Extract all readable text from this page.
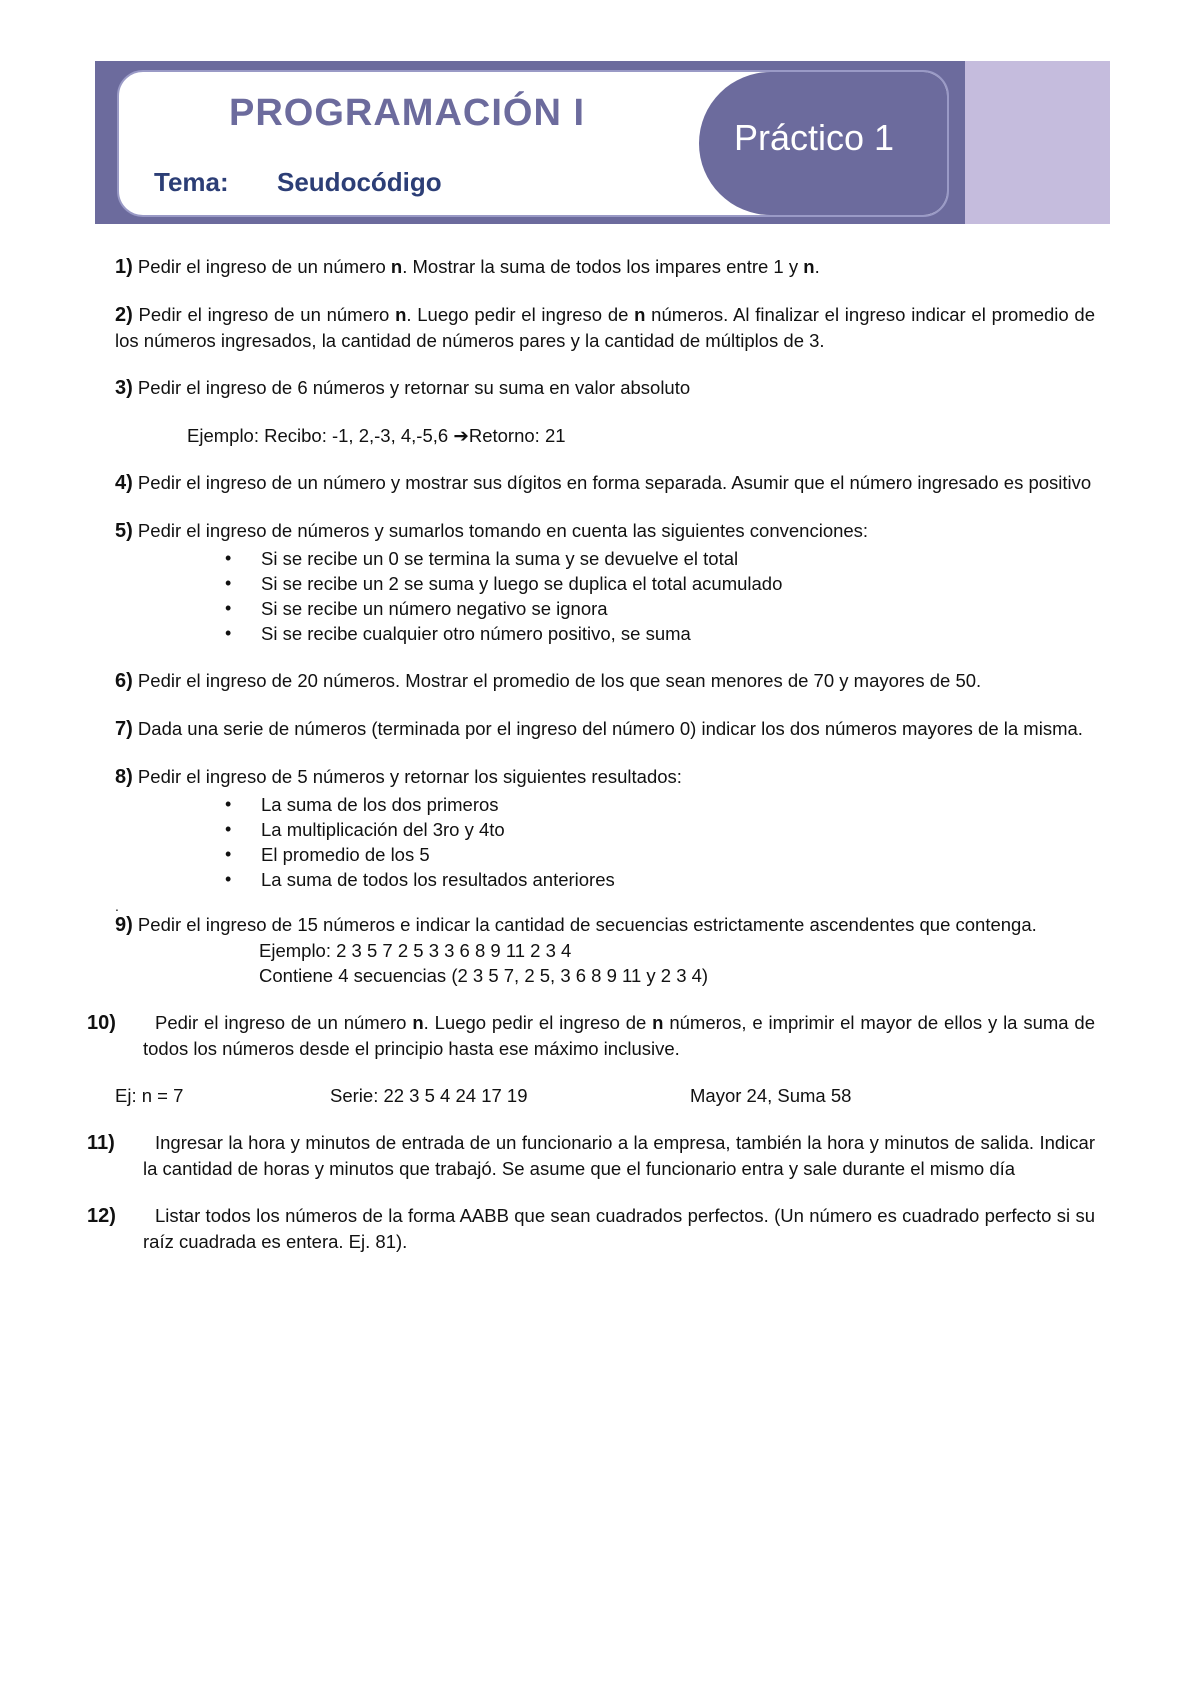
PROGRAMACIÓN I
Tema: Seudocódigo
Práctico 1

1) Pedir el ingreso de un número n. Mostrar la suma de todos los impares entre 1 y n.

2) Pedir el ingreso de un número n. Luego pedir el ingreso de n números. Al finalizar el ingreso indicar el promedio de los números ingresados, la cantidad de números pares y la cantidad de múltiplos de 3.

3) Pedir el ingreso de 6 números y retornar su suma en valor absoluto

Ejemplo: Recibo: -1, 2,-3, 4,-5,6 ➔Retorno: 21

4) Pedir el ingreso de un número y mostrar sus dígitos en forma separada. Asumir que el número ingresado es positivo

5) Pedir el ingreso de números y sumarlos tomando en cuenta las siguientes convenciones:

• Si se recibe un 0 se termina la suma y se devuelve el total
• Si se recibe un 2 se suma y luego se duplica el total acumulado
• Si se recibe un número negativo se ignora
• Si se recibe cualquier otro número positivo, se suma

6) Pedir el ingreso de 20 números. Mostrar el promedio de los que sean menores de 70 y mayores de 50.

7) Dada una serie de números (terminada por el ingreso del número 0) indicar los dos números mayores de la misma.

8) Pedir el ingreso de 5 números y retornar los siguientes resultados:

• La suma de los dos primeros
• La multiplicación del 3ro y 4to
• El promedio de los 5
• La suma de todos los resultados anteriores

.

9) Pedir el ingreso de 15 números e indicar la cantidad de secuencias estrictamente ascendentes que contenga.

Ejemplo: 2 3 5 7 2 5 3 3 6 8 9 11 2 3 4

Contiene 4 secuencias (2 3 5 7, 2 5, 3 6 8 9 11 y 2 3 4)

10) Pedir el ingreso de un número n. Luego pedir el ingreso de n números, e imprimir el mayor de ellos y la suma de todos los números desde el principio hasta ese máximo inclusive.

Ej: n = 7	Serie: 22 3 5 4 24 17 19	Mayor 24, Suma 58

11) Ingresar la hora y minutos de entrada de un funcionario a la empresa, también la hora y minutos de salida. Indicar la cantidad de horas y minutos que trabajó. Se asume que el funcionario entra y sale durante el mismo día

12) Listar todos los números de la forma AABB que sean cuadrados perfectos. (Un número es cuadrado perfecto si su raíz cuadrada es entera. Ej. 81).
